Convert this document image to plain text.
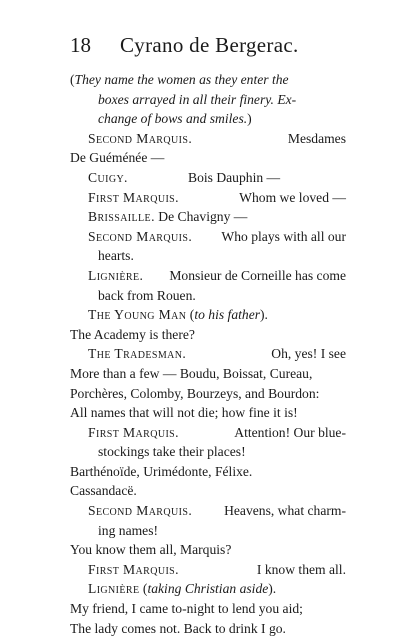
18 Cyrano de Bergerac.
(They name the women as they enter the
boxes arrayed in all their finery. Ex-
change of bows and smiles.)
Second Marquis.	Mesdames
De Guéménée —
Cuigy.	Bois Dauphin —
First Marquis.	Whom we loved —
Brissaille. De Chavigny —
Second Marquis. Who plays with all our
hearts.
Lignière. Monsieur de Corneille has come
back from Rouen.
The Young Man (to his father).
The Academy is there?
The Tradesman.	Oh, yes! I see
More than a few — Boudu, Boissat, Cureau,
Porchères, Colomby, Bourzeys, and Bourdon:
All names that will not die; how fine it is!
First Marquis.	Attention! Our blue-
stockings take their places!
Barthénoïde, Urimédonte, Félixe.
Cassandacë.
Second Marquis. Heavens, what charm-
ing names!
You know them all, Marquis?
First Marquis.	I know them all.
Lignière (taking Christian aside).
My friend, I came to-night to lend you aid;
The lady comes not. Back to drink I go.
